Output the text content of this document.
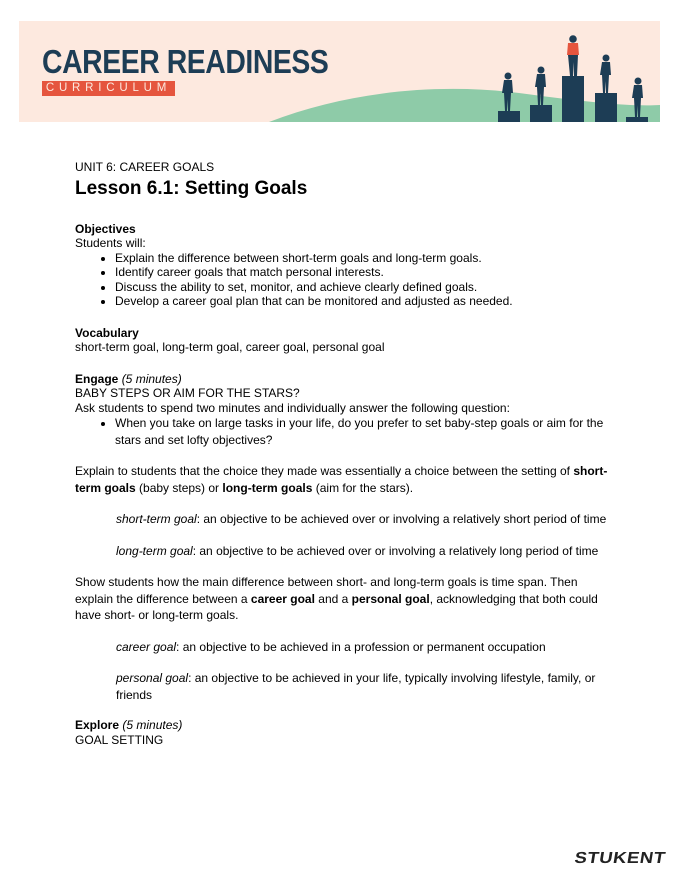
CAREER READINESS
CURRICULUM

UNIT 6: CAREER GOALS

Lesson 6.1: Setting Goals

Objectives

Students will:

• Explain the difference between short-term goals and long-term goals.
• Identify career goals that match personal interests.
• Discuss the ability to set, monitor, and achieve clearly defined goals.
• Develop a career goal plan that can be monitored and adjusted as needed.

Vocabulary

short-term goal, long-term goal, career goal, personal goal

Engage (5 minutes)

BABY STEPS OR AIM FOR THE STARS?

Ask students to spend two minutes and individually answer the following question:

• When you take on large tasks in your life, do you prefer to set baby-step goals or aim for the stars and set lofty objectives?

Explain to students that the choice they made was essentially a choice between the setting of short-term goals (baby steps) or long-term goals (aim for the stars).

short-term goal: an objective to be achieved over or involving a relatively short period of time

long-term goal: an objective to be achieved over or involving a relatively long period of time

Show students how the main difference between short- and long-term goals is time span. Then explain the difference between a career goal and a personal goal, acknowledging that both could have short- or long-term goals.

career goal: an objective to be achieved in a profession or permanent occupation

personal goal: an objective to be achieved in your life, typically involving lifestyle, family, or friends

Explore (5 minutes)

GOAL SETTING

STUKENT
